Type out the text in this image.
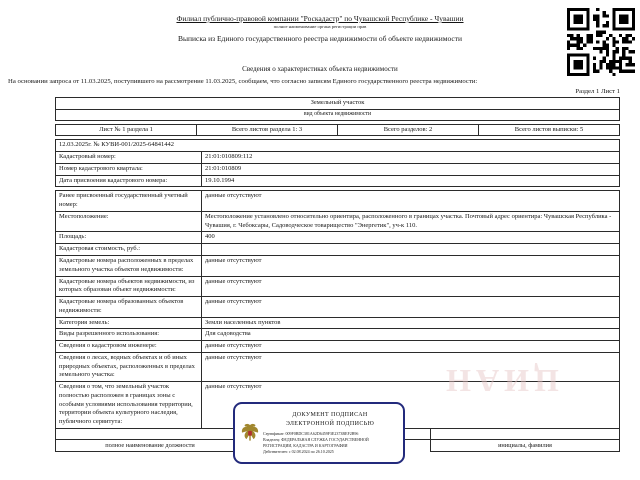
Филиал публично-правовой компании "Роскадастр" по Чувашской Республике - Чувашии
полное наименование органа регистрации прав
Выписка из Единого государственного реестра недвижимости об объекте недвижимости
Сведения о характеристиках объекта недвижимости
На основании запроса от 11.03.2025, поступившего на рассмотрение 11.03.2025, сообщаем, что согласно записям Единого государственного реестра недвижимости:
Раздел 1 Лист 1
Земельный участок
вид объекта недвижимости
Лист № 1 раздела 1	Всего листов раздела 1: 3	Всего разделов: 2	Всего листов выписки: 5
12.03.2025г. № КУВИ-001/2025-64841442
Кадастровый номер:	21:01:010809:112
Номер кадастрового квартала:	21:01:010809
Дата присвоения кадастрового номера:	19.10.1994
Ранее присвоенный государственный учетный номер:
данные отсутствуют
Местоположение:	Местоположение установлено относительно ориентира, расположенного в границах участка. Почтовый адрес ориентира: Чувашская Республика - Чувашия, г. Чебоксары, Садоводческое товарищество "Энергетик", уч-к 110.
Площадь:	400
Кадастровая стоимость, руб.:
Кадастровые номера расположенных в пределах земельного участка объектов недвижимости:
данные отсутствуют
Кадастровые номера объектов недвижимости, из которых образован объект недвижимости:
данные отсутствуют
Кадастровые номера образованных объектов недвижимости:
данные отсутствуют
Категория земель:	Земли населенных пунктов
Виды разрешенного использования:	Для садоводства
Сведения о кадастровом инженере:	данные отсутствуют
Сведения о лесах, водных объектах и об иных природных объектах, расположенных в пределах земельного участка:
данные отсутствуют
Сведения о том, что земельный участок полностью расположен в границах зоны с особыми условиями использования территории, территории объекта культурного наследия, публичного сервитута:
данные отсутствуют	ЦИАН
полное наименование должности	инициалы, фамилия
ДОКУМЕНТ ПОДПИСАН
ЭЛЕКТРОННОЙ ПОДПИСЬЮ
Сертификат: 009F0BDC381A62D6459F3E2373BEF2B96
Владелец: ФЕДЕРАЛЬНАЯ СЛУЖБА ГОСУДАРСТВЕННОЙ РЕГИСТРАЦИИ, КАДАСТРА И КАРТОГРАФИИ
Действителен: с 02.08.2024 по 26.10.2025
